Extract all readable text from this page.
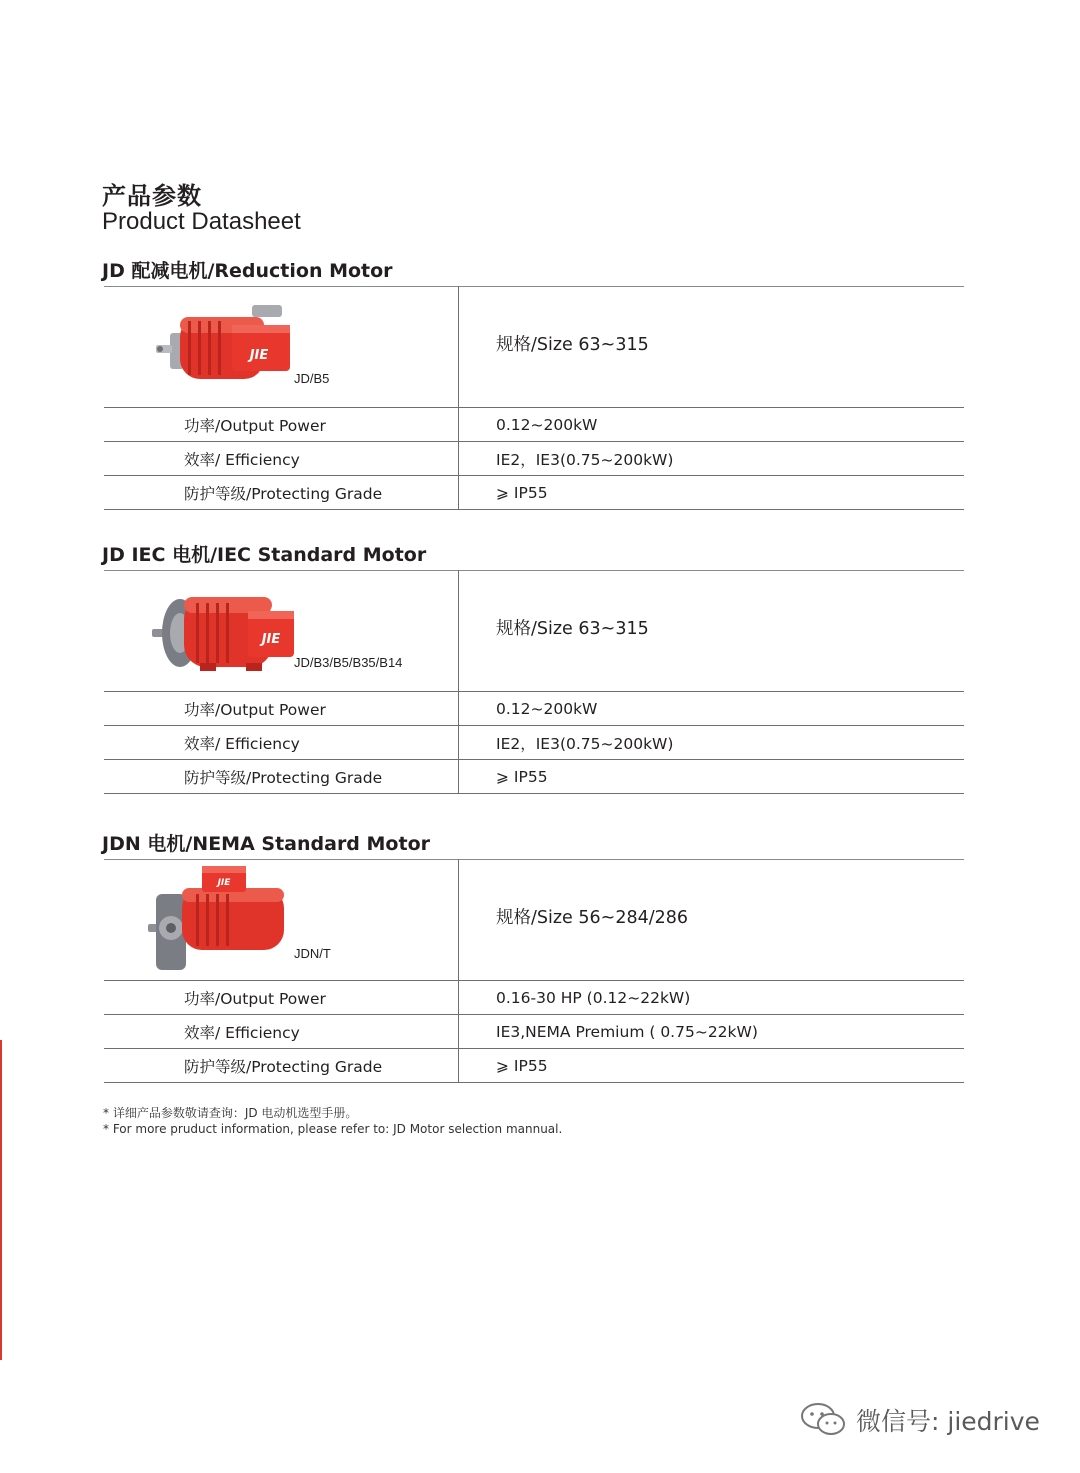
产品参数
Product Datasheet
JD 配减电机/Reduction Motor
JIE
JD/B5	规格/Size 63~315
功率/Output Power	0.12~200kW
效率/ Efficiency	IE2，IE3(0.75~200kW)
防护等级/Protecting Grade	⩾ IP55
JD IEC 电机/IEC Standard Motor
JIE
JD/B3/B5/B35/B14	规格/Size 63~315
功率/Output Power	0.12~200kW
效率/ Efficiency	IE2，IE3(0.75~200kW)
防护等级/Protecting Grade	⩾ IP55
JDN 电机/NEMA Standard Motor
JIE
JDN/T	规格/Size 56~284/286
功率/Output Power	0.16-30 HP (0.12~22kW)
效率/ Efficiency	IE3,NEMA Premium ( 0.75~22kW)
防护等级/Protecting Grade	⩾ IP55
* 详细产品参数敬请查询：JD 电动机选型手册。
* For more pruduct information, please refer to: JD Motor selection mannual.
微信号: jiedrive
